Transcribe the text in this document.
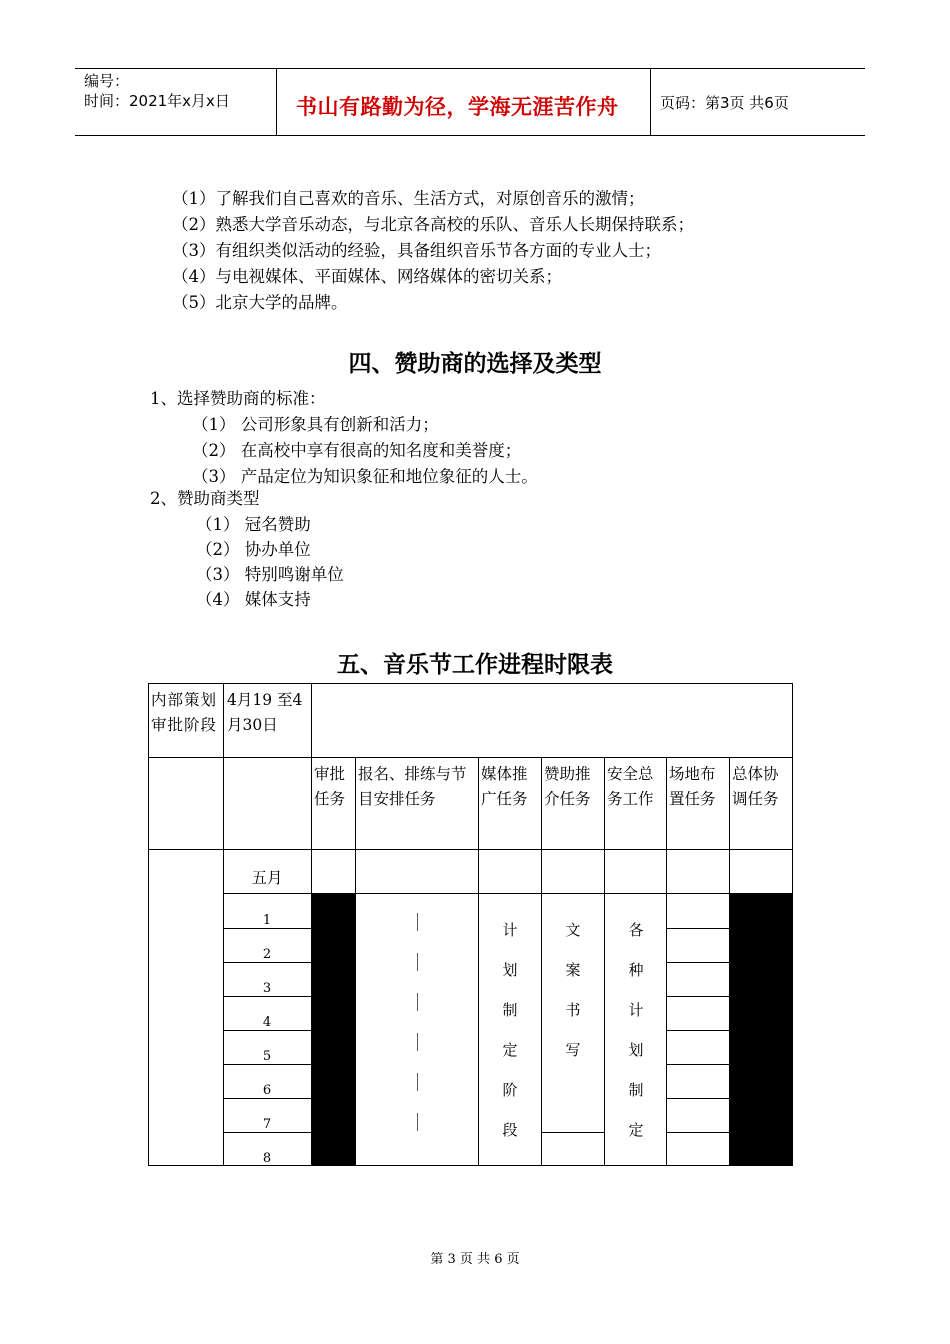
编号：
时间：2021年x月x日	书山有路勤为径，学海无涯苦作舟	页码：第3页 共6页
（1）了解我们自己喜欢的音乐、生活方式，对原创音乐的激情；
（2）熟悉大学音乐动态，与北京各高校的乐队、音乐人长期保持联系；
（3）有组织类似活动的经验，具备组织音乐节各方面的专业人士；
（4）与电视媒体、平面媒体、网络媒体的密切关系；
（5）北京大学的品牌。
四、赞助商的选择及类型
1、选择赞助商的标准：
（1） 公司形象具有创新和活力；
（2） 在高校中享有很高的知名度和美誉度；
（3） 产品定位为知识象征和地位象征的人士。
2、赞助商类型
（1） 冠名赞助
（2） 协办单位
（3） 特别鸣谢单位
（4） 媒体支持
五、音乐节工作进程时限表
内部策划审批阶段
4月19 至4月30日
审批任务
报名、排练与节目安排任务
媒体推广任务
赞助推介任务
安全总务工作
场地布置任务
总体协调任务
五月
1
2
3
4
5
6
7
8
计划制定阶段
文案书写
各种计划制定
第 3 页 共 6 页
